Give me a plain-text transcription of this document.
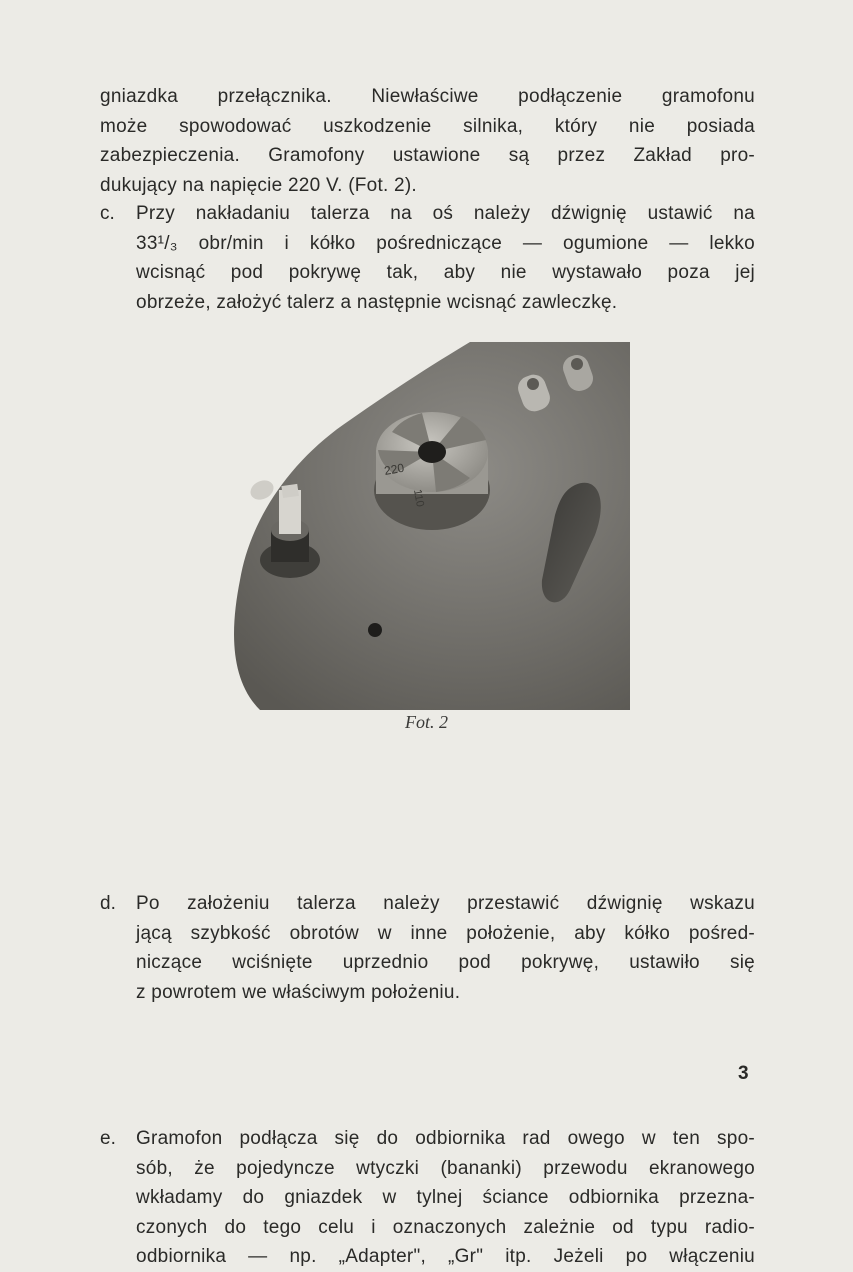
gniazdka przełącznika. Niewłaściwe podłączenie gramofonu
może spowodować uszkodzenie silnika, który nie posiada
zabezpieczenia. Gramofony ustawione są przez Zakład pro-
dukujący na napięcie 220 V. (Fot. 2).
c.	Przy nakładaniu talerza na oś należy dźwignię ustawić na
33¹/₃ obr/min i kółko pośredniczące — ogumione — lekko
wcisnąć pod pokrywę tak, aby nie wystawało poza jej
obrzeże, założyć talerz a następnie wcisnąć zawleczkę.
220
110
Fot. 2
d.	Po założeniu talerza należy przestawić dźwignię wskazu
jącą szybkość obrotów w inne położenie, aby kółko pośred-
niczące wciśnięte uprzednio pod pokrywę, ustawiło się
z powrotem we właściwym położeniu.
e.	Gramofon podłącza się do odbiornika rad owego w ten spo-
sób, że pojedyncze wtyczki (banankі) przewodu ekranowego
wkładamy do gniazdek w tylnej ściance odbiornika przezna-
czonych do tego celu i oznaczonych zależnie od typu radio-
odbiornika — np. „Adapter", „Gr" itp. Jeżeli po włączeniu
3
